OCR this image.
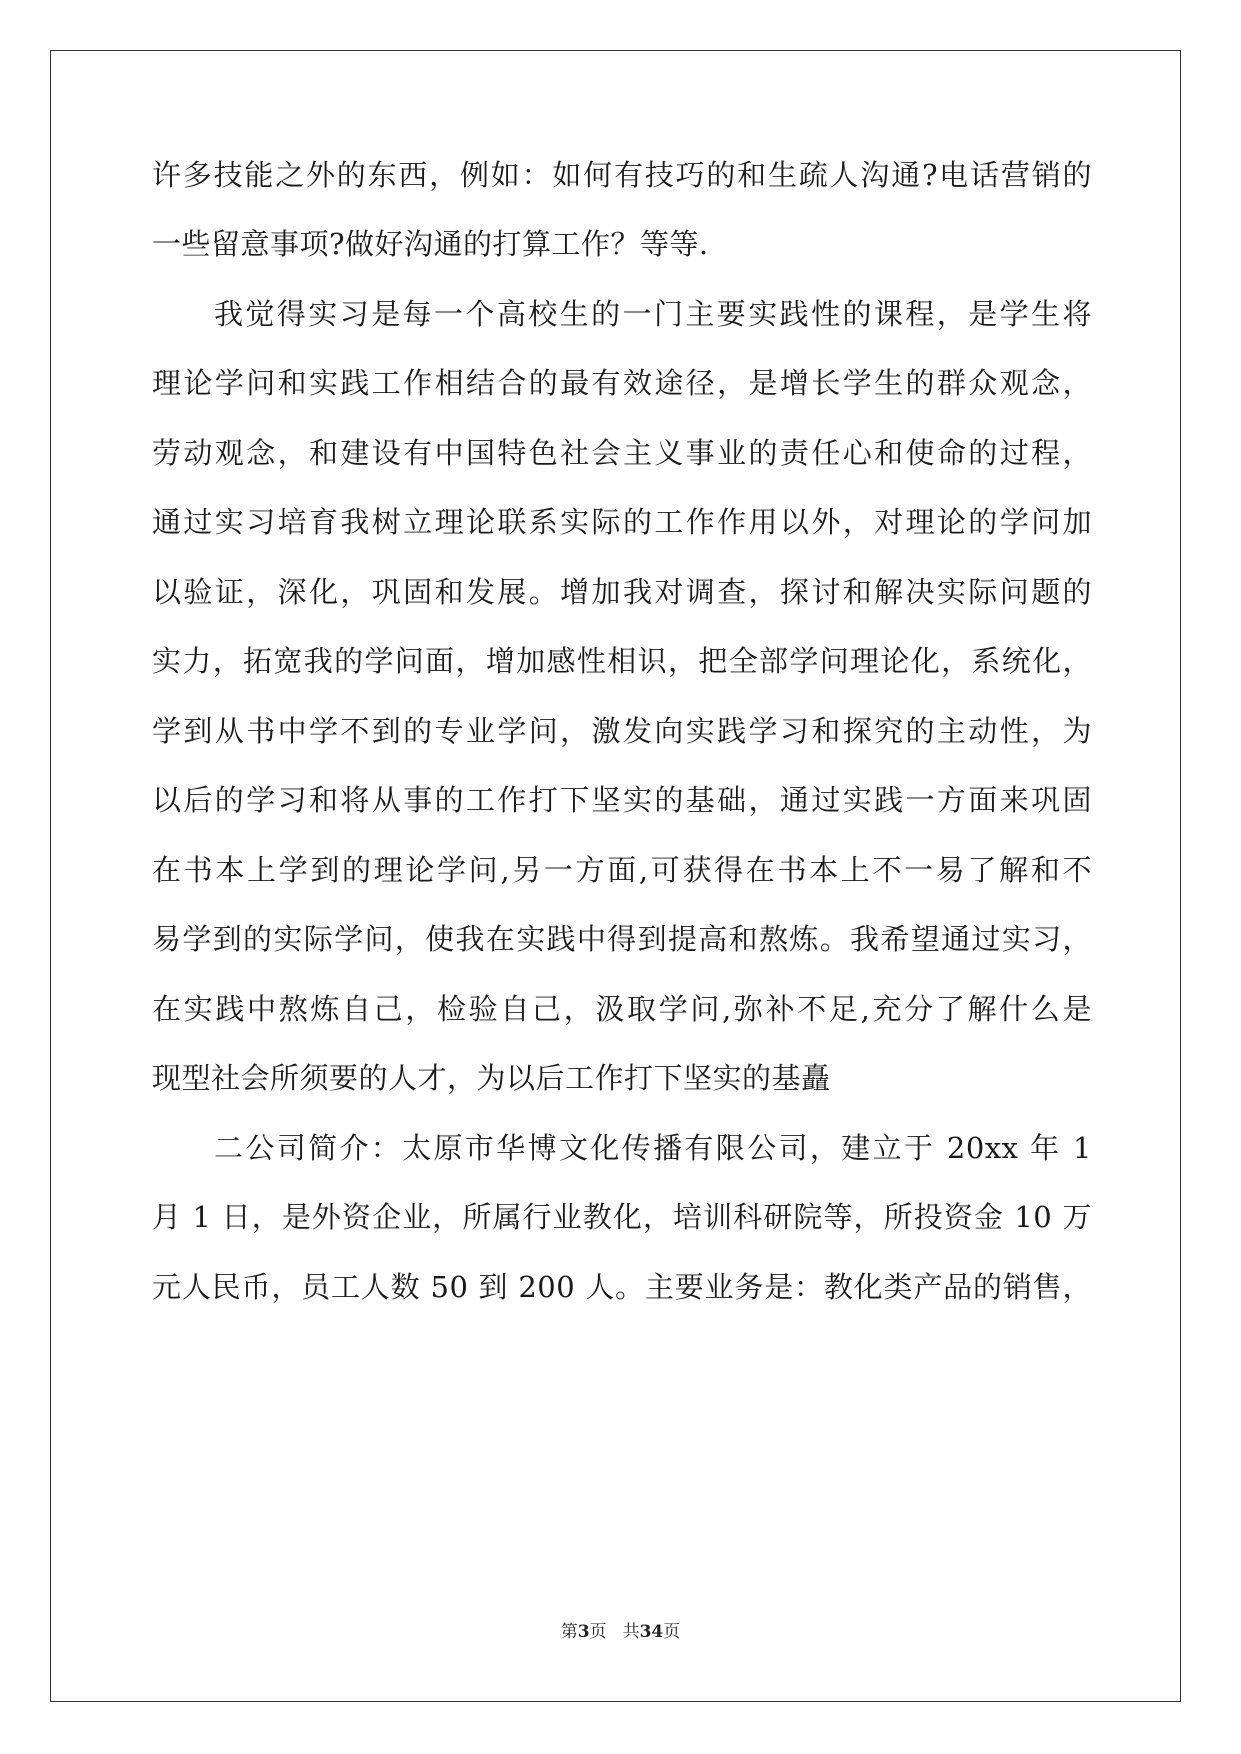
许多技能之外的东西，例如：如何有技巧的和生疏人沟通?电话营销的
一些留意事项?做好沟通的打算工作？等等.
我觉得实习是每一个高校生的一门主要实践性的课程，是学生将
理论学问和实践工作相结合的最有效途径，是增长学生的群众观念，
劳动观念，和建设有中国特色社会主义事业的责任心和使命的过程，
通过实习培育我树立理论联系实际的工作作用以外，对理论的学问加
以验证，深化，巩固和发展。增加我对调查，探讨和解决实际问题的
实力，拓宽我的学问面，增加感性相识，把全部学问理论化，系统化，
学到从书中学不到的专业学问，激发向实践学习和探究的主动性，为
以后的学习和将从事的工作打下坚实的基础，通过实践一方面来巩固
在书本上学到的理论学问,另一方面,可获得在书本上不一易了解和不
易学到的实际学问，使我在实践中得到提高和熬炼。我希望通过实习，
在实践中熬炼自己，检验自己，汲取学问,弥补不足,充分了解什么是
现型社会所须要的人才，为以后工作打下坚实的基矗
二公司简介：太原市华博文化传播有限公司，建立于 20xx 年 1
月 1 日，是外资企业，所属行业教化，培训科研院等，所投资金 10 万
元人民币，员工人数 50 到 200 人。主要业务是：教化类产品的销售，
第3页 共34页
